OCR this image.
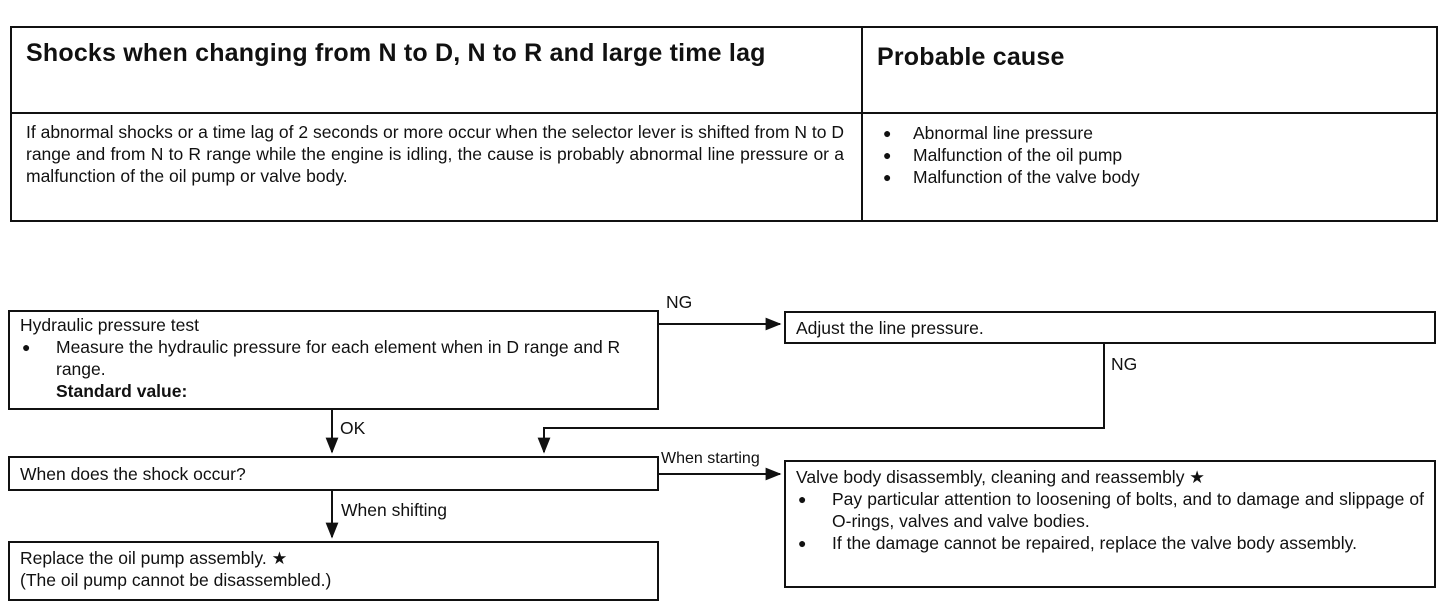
Shocks when changing from N to D, N to R and large time lag
If abnormal shocks or a time lag of 2 seconds or more occur when the selector lever is shifted from N to D range and from N to R range while the engine is idling, the cause is probably abnormal line pressure or a malfunction of the oil pump or valve body.
Probable cause
● Abnormal line pressure
● Malfunction of the oil pump
● Malfunction of the valve body
Hydraulic pressure test
● Measure the hydraulic pressure for each element when in D range and R range.
Standard value:
Adjust the line pressure.
When does the shock occur?
Replace the oil pump assembly. ★
(The oil pump cannot be disassembled.)
Valve body disassembly, cleaning and reassembly ★
● Pay particular attention to loosening of bolts, and to damage and slippage of O-rings, valves and valve bodies.
● If the damage cannot be repaired, replace the valve body assembly.
NG
NG
OK
When starting
When shifting
